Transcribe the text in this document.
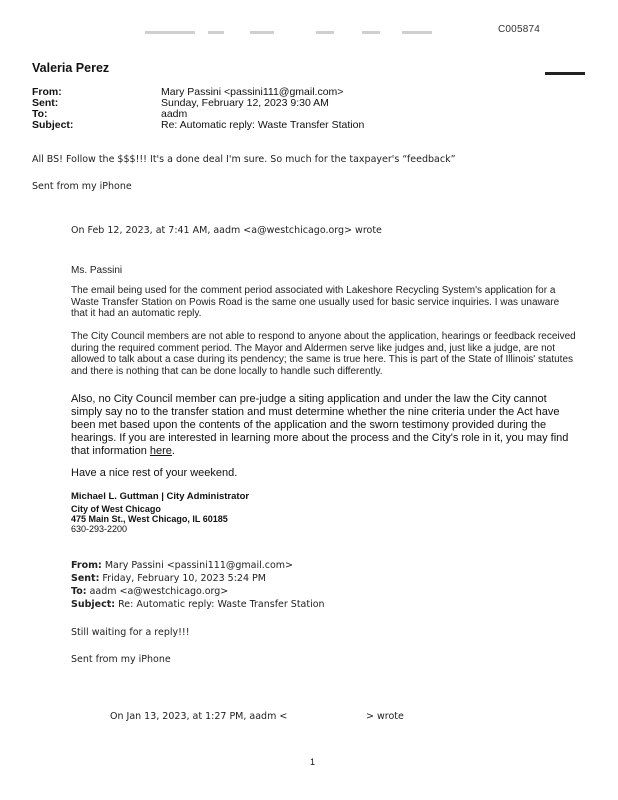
C005874
Valeria Perez
From:	Mary Passini <passini111@gmail.com>
Sent:	Sunday, February 12, 2023 9:30 AM
To:	aadm
Subject:	Re: Automatic reply: Waste Transfer Station
All BS! Follow the $$$!!! It's a done deal I'm sure. So much for the taxpayer's “feedback”
Sent from my iPhone
On Feb 12, 2023, at 7:41 AM, aadm <a@westchicago.org> wrote
Ms. Passini
The email being used for the comment period associated with Lakeshore Recycling System's application for a Waste Transfer Station on Powis Road is the same one usually used for basic service inquiries. I was unaware that it had an automatic reply.
The City Council members are not able to respond to anyone about the application, hearings or feedback received during the required comment period. The Mayor and Aldermen serve like judges and, just like a judge, are not allowed to talk about a case during its pendency; the same is true here. This is part of the State of Illinois' statutes and there is nothing that can be done locally to handle such differently.
Also, no City Council member can pre-judge a siting application and under the law the City cannot simply say no to the transfer station and must determine whether the nine criteria under the Act have been met based upon the contents of the application and the sworn testimony provided during the hearings. If you are interested in learning more about the process and the City's role in it, you may find that information here.
Have a nice rest of your weekend.
Michael L. Guttman | City Administrator
City of West Chicago
475 Main St., West Chicago, IL 60185
630-293-2200
From: Mary Passini <passini111@gmail.com>
Sent: Friday, February 10, 2023 5:24 PM
To: aadm <a@westchicago.org>
Subject: Re: Automatic reply: Waste Transfer Station
Still waiting for a reply!!!
Sent from my iPhone
On Jan 13, 2023, at 1:27 PM, aadm <	> wrote
1
